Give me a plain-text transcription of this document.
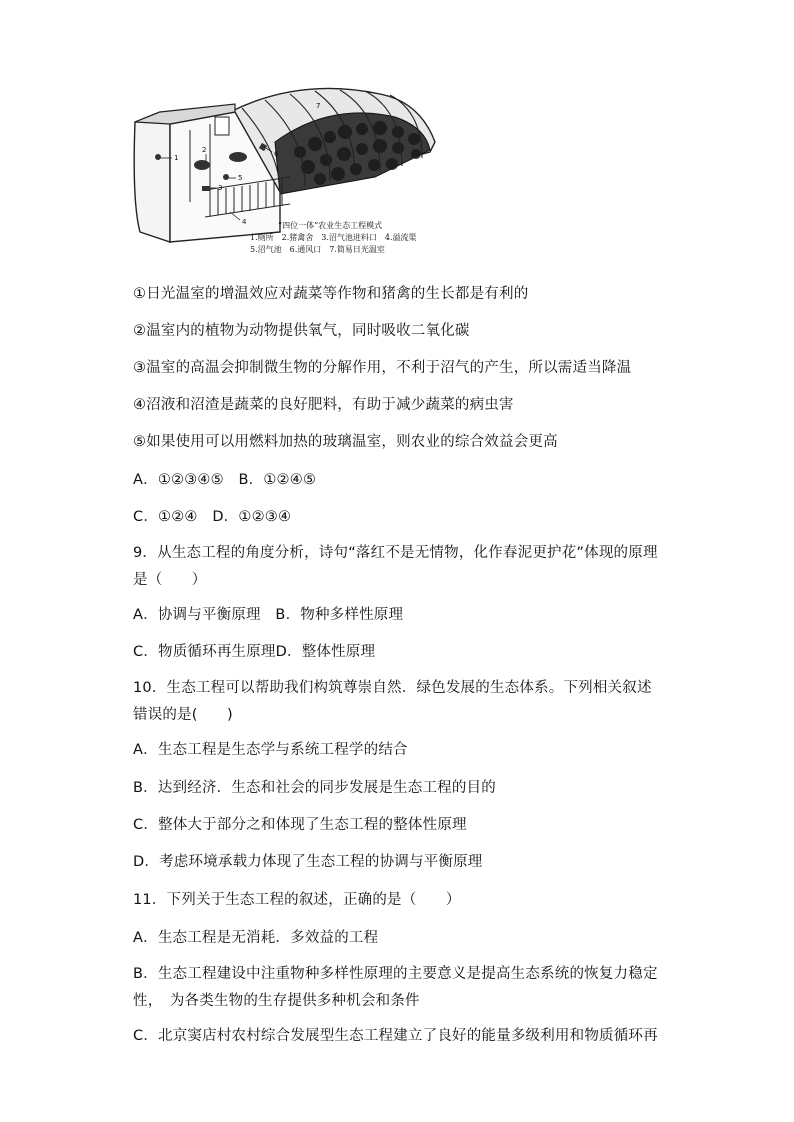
7
1
2
3
4
5
6
“四位一体”农业生态工程模式
1.厕所　2.猪禽舍　3.沼气池进料口　4.溢流渠
5.沼气池　6.通风口　7.简易日光温室
①日光温室的增温效应对蔬菜等作物和猪禽的生长都是有利的
②温室内的植物为动物提供氧气，同时吸收二氧化碳
③温室的高温会抑制微生物的分解作用，不利于沼气的产生，所以需适当降温
④沼液和沼渣是蔬菜的良好肥料，有助于减少蔬菜的病虫害
⑤如果使用可以用燃料加热的玻璃温室，则农业的综合效益会更高
A．①②③④⑤　B．①②④⑤
C．①②④　D．①②③④
9．从生态工程的角度分析，诗句“落红不是无情物，化作春泥更护花”体现的原理是（　　）
A．协调与平衡原理　B．物种多样性原理
C．物质循环再生原理D．整体性原理
10．生态工程可以帮助我们构筑尊崇自然．绿色发展的生态体系。下列相关叙述错误的是(　　)
A．生态工程是生态学与系统工程学的结合
B．达到经济．生态和社会的同步发展是生态工程的目的
C．整体大于部分之和体现了生态工程的整体性原理
D．考虑环境承载力体现了生态工程的协调与平衡原理
11．下列关于生态工程的叙述，正确的是（　　）
A．生态工程是无消耗．多效益的工程
B．生态工程建设中注重物种多样性原理的主要意义是提高生态系统的恢复力稳定性，　为各类生物的生存提供多种机会和条件
C．北京窦店村农村综合发展型生态工程建立了良好的能量多级利用和物质循环再
